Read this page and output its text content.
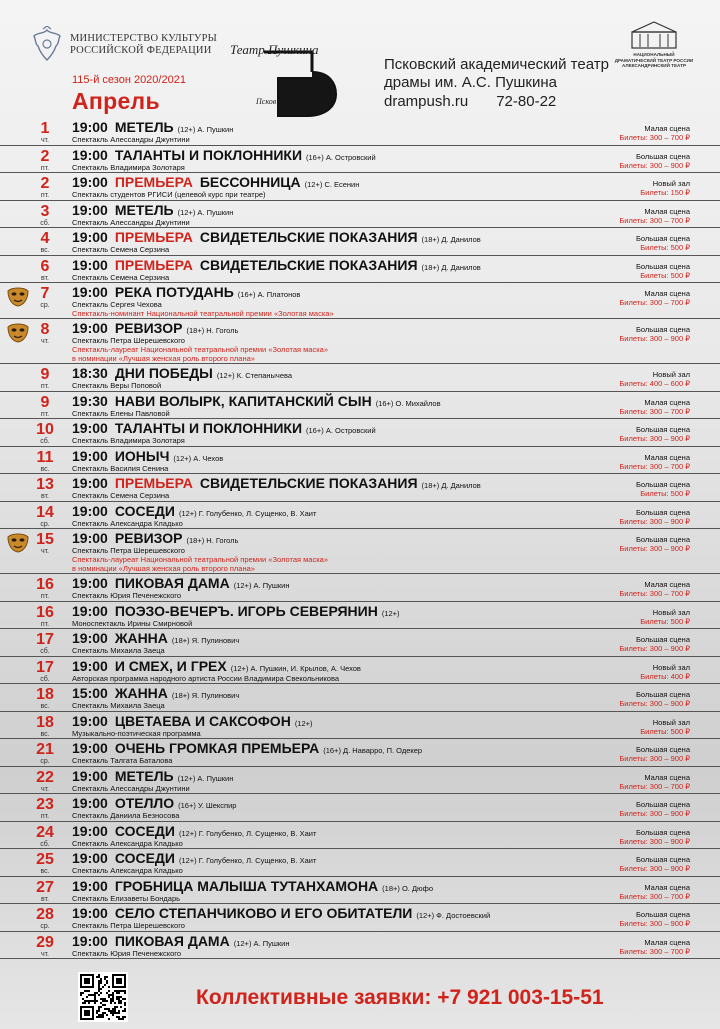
МИНИСТЕРСТВО КУЛЬТУРЫ
РОССИЙСКОЙ ФЕДЕРАЦИИ	Театр Пушкина
Псков
Псковский академический театр
драмы им. А.С. Пушкина
drampush.ru 72-80-22
НАЦИОНАЛЬНЫЙ
ДРАМАТИЧЕСКИЙ ТЕАТР РОССИИ
АЛЕКСАНДРИНСКИЙ ТЕАТР
115-й сезон 2020/2021
Апрель
1
чт.
19:00 МЕТЕЛЬ (12+) А. Пушкин
Спектакль Алессандры Джунтини
Малая сцена
Билеты: 300 – 700 ₽
2
пт.
19:00 ТАЛАНТЫ И ПОКЛОННИКИ (16+) А. Островский
Спектакль Владимира Золотаря
Большая сцена
Билеты: 300 – 900 ₽
2
пт.
19:00 ПРЕМЬЕРА БЕССОННИЦА (12+) С. Есенин
Спектакль студентов РГИСИ (целевой курс при театре)
Новый зал
Билеты: 150 ₽
3
сб.
19:00 МЕТЕЛЬ (12+) А. Пушкин
Спектакль Алессандры Джунтини
Малая сцена
Билеты: 300 – 700 ₽
4
вс.
19:00 ПРЕМЬЕРА СВИДЕТЕЛЬСКИЕ ПОКАЗАНИЯ (18+) Д. Данилов
Спектакль Семена Серзина
Большая сцена
Билеты: 500 ₽
6
вт.
19:00 ПРЕМЬЕРА СВИДЕТЕЛЬСКИЕ ПОКАЗАНИЯ (18+) Д. Данилов
Спектакль Семена Серзина
Большая сцена
Билеты: 500 ₽
7
ср.
19:00 РЕКА ПОТУДАНЬ (16+) А. Платонов
Спектакль Сергея Чехова
Спектакль-номинант Национальной театральной премии «Золотая маска»
Малая сцена
Билеты: 300 – 700 ₽
8
чт.
19:00 РЕВИЗОР (18+) Н. Гоголь
Спектакль Петра Шерешевского
Спектакль-лауреат Национальной театральной премии «Золотая маска»
в номинации «Лучшая женская роль второго плана»
Большая сцена
Билеты: 300 – 900 ₽
9
пт.
18:30 ДНИ ПОБЕДЫ (12+) К. Степанычева
Спектакль Веры Поповой
Новый зал
Билеты: 400 – 600 ₽
9
пт.
19:30 НАВИ ВОЛЫРК, КАПИТАНСКИЙ СЫН (16+) О. Михайлов
Спектакль Елены Павловой
Малая сцена
Билеты: 300 – 700 ₽
10
сб.
19:00 ТАЛАНТЫ И ПОКЛОННИКИ (16+) А. Островский
Спектакль Владимира Золотаря
Большая сцена
Билеты: 300 – 900 ₽
11
вс.
19:00 ИОНЫЧ (12+) А. Чехов
Спектакль Василия Сенина
Малая сцена
Билеты: 300 – 700 ₽
13
вт.
19:00 ПРЕМЬЕРА СВИДЕТЕЛЬСКИЕ ПОКАЗАНИЯ (18+) Д. Данилов
Спектакль Семена Серзина
Большая сцена
Билеты: 500 ₽
14
ср.
19:00 СОСЕДИ (12+) Г. Голубенко, Л. Сущенко, В. Хаит
Спектакль Александра Кладько
Большая сцена
Билеты: 300 – 900 ₽
15
чт.
19:00 РЕВИЗОР (18+) Н. Гоголь
Спектакль Петра Шерешевского
Спектакль-лауреат Национальной театральной премии «Золотая маска»
в номинации «Лучшая женская роль второго плана»
Большая сцена
Билеты: 300 – 900 ₽
16
пт.
19:00 ПИКОВАЯ ДАМА (12+) А. Пушкин
Спектакль Юрия Печенежского
Малая сцена
Билеты: 300 – 700 ₽
16
пт.
19:00 ПОЭЗО-ВЕЧЕРЪ. ИГОРЬ СЕВЕРЯНИН (12+)
Моноспектакль Ирины Смирновой
Новый зал
Билеты: 500 ₽
17
сб.
19:00 ЖАННА (18+) Я. Пулинович
Спектакль Михаила Заеца
Большая сцена
Билеты: 300 – 900 ₽
17
сб.
19:00 И СМЕХ, И ГРЕХ (12+) А. Пушкин, И. Крылов, А. Чехов
Авторская программа народного артиста России Владимира Свекольникова
Новый зал
Билеты: 400 ₽
18
вс.
15:00 ЖАННА (18+) Я. Пулинович
Спектакль Михаила Заеца
Большая сцена
Билеты: 300 – 900 ₽
18
вс.
19:00 ЦВЕТАЕВА И САКСОФОН (12+)
Музыкально-поэтическая программа
Новый зал
Билеты: 500 ₽
21
ср.
19:00 ОЧЕНЬ ГРОМКАЯ ПРЕМЬЕРА (16+) Д. Наварро, П. Одекер
Спектакль Талгата Баталова
Большая сцена
Билеты: 300 – 900 ₽
22
чт.
19:00 МЕТЕЛЬ (12+) А. Пушкин
Спектакль Алессандры Джунтини
Малая сцена
Билеты: 300 – 700 ₽
23
пт.
19:00 ОТЕЛЛО (16+) У. Шекспир
Спектакль Даниила Безносова
Большая сцена
Билеты: 300 – 900 ₽
24
сб.
19:00 СОСЕДИ (12+) Г. Голубенко, Л. Сущенко, В. Хаит
Спектакль Александра Кладько
Большая сцена
Билеты: 300 – 900 ₽
25
вс.
19:00 СОСЕДИ (12+) Г. Голубенко, Л. Сущенко, В. Хаит
Спектакль Александра Кладько
Большая сцена
Билеты: 300 – 900 ₽
27
вт.
19:00 ГРОБНИЦА МАЛЫША ТУТАНХАМОНА (18+) О. Дюфо
Спектакль Елизаветы Бондарь
Малая сцена
Билеты: 300 – 700 ₽
28
ср.
19:00 СЕЛО СТЕПАНЧИКОВО И ЕГО ОБИТАТЕЛИ (12+) Ф. Достоевский
Спектакль Петра Шерешевского
Большая сцена
Билеты: 300 – 900 ₽
29
чт.
19:00 ПИКОВАЯ ДАМА (12+) А. Пушкин
Спектакль Юрия Печенежского
Малая сцена
Билеты: 300 – 700 ₽
Коллективные заявки: +7 921 003-15-51
